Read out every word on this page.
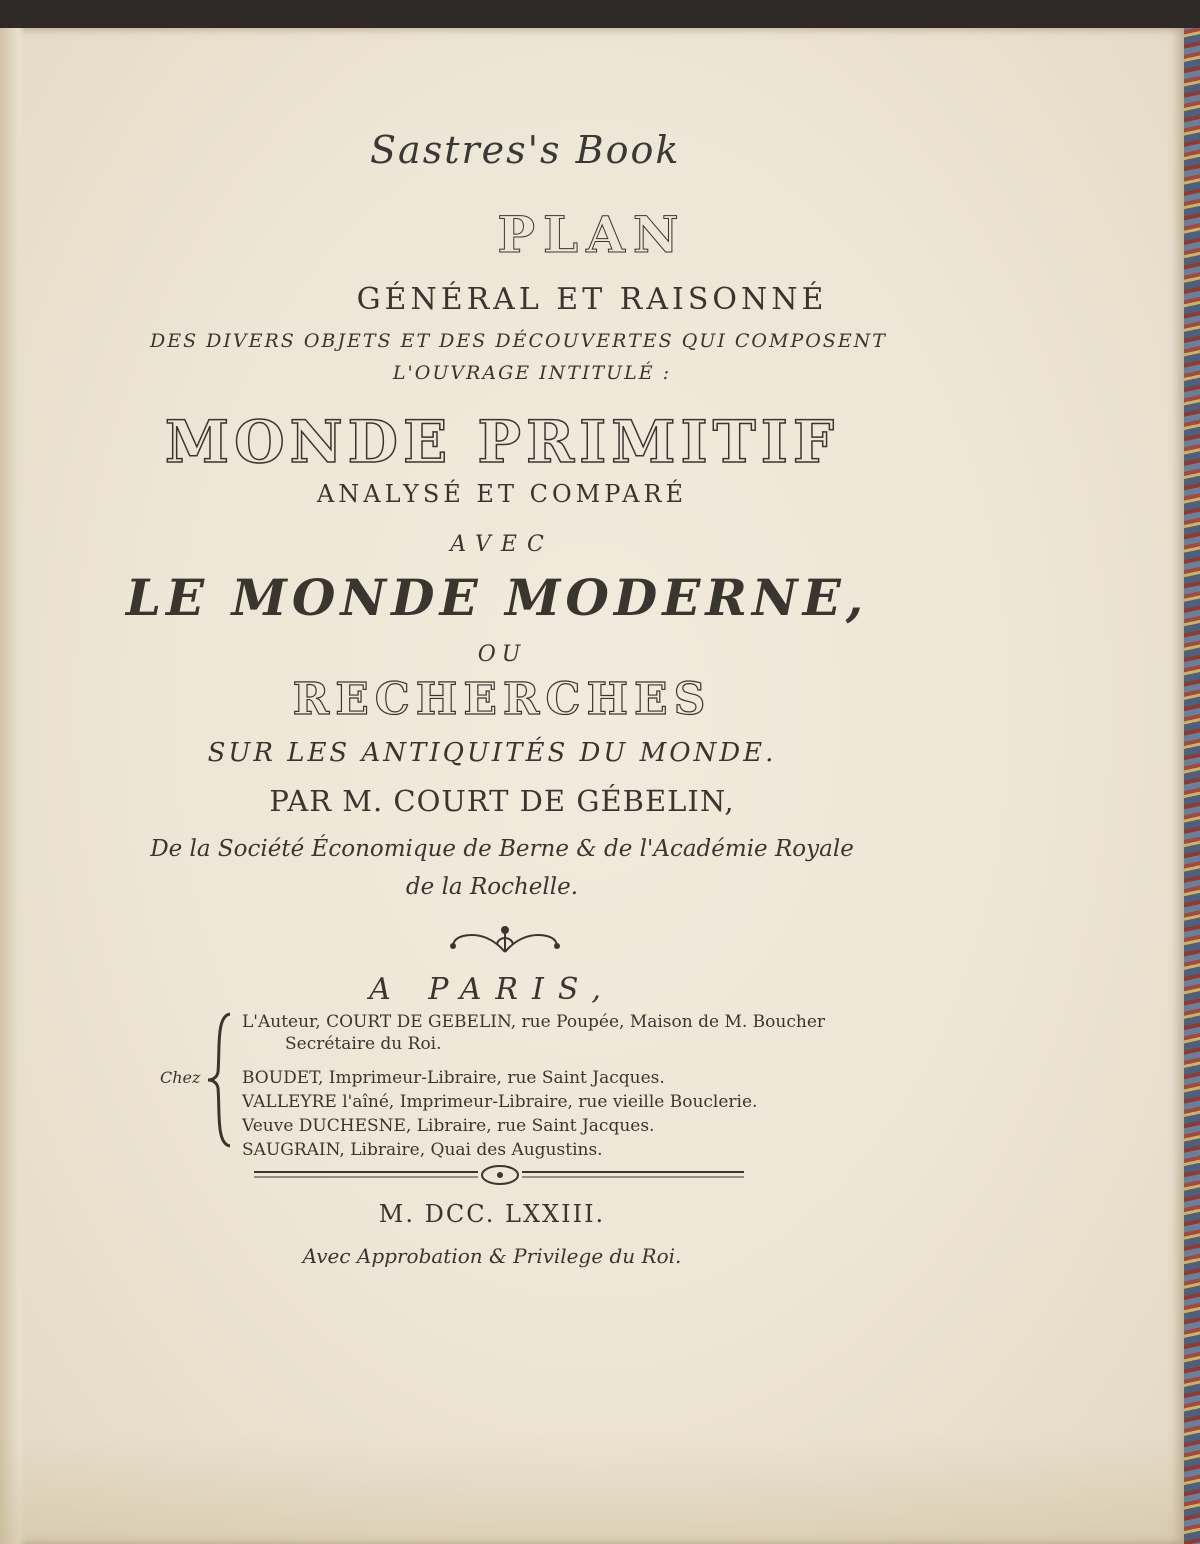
Sastres's Book
PLAN
GÉNÉRAL ET RAISONNÉ
DES DIVERS OBJETS ET DES DÉCOUVERTES QUI COMPOSENT
L'OUVRAGE INTITULÉ :
MONDE PRIMITIF
ANALYSÉ ET COMPARÉ
AVEC
LE MONDE MODERNE,
OU
RECHERCHES
SUR LES ANTIQUITÉS DU MONDE.
PAR M. COURT DE GÉBELIN,
De la Société Économique de Berne & de l'Académie Royale
de la Rochelle.
A PARIS,
Chez
L'Auteur, COURT DE GEBELIN, rue Poupée, Maison de M. Boucher
Secrétaire du Roi.
BOUDET, Imprimeur-Libraire, rue Saint Jacques.
VALLEYRE l'aîné, Imprimeur-Libraire, rue vieille Bouclerie.
Veuve DUCHESNE, Libraire, rue Saint Jacques.
SAUGRAIN, Libraire, Quai des Augustins.
M. DCC. LXXIII.
Avec Approbation & Privilege du Roi.
